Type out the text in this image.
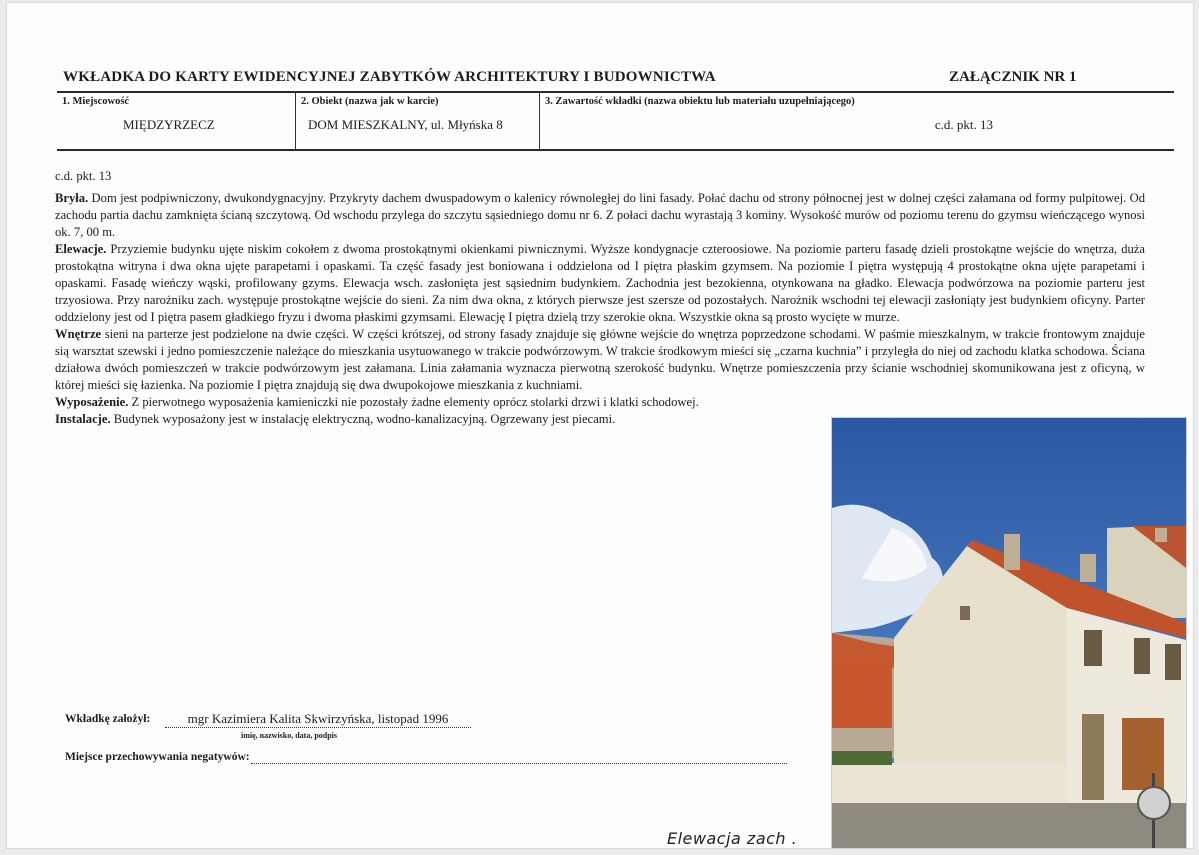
WKŁADKA DO KARTY EWIDENCYJNEJ ZABYTKÓW ARCHITEKTURY I BUDOWNICTWA	ZAŁĄCZNIK NR 1
1. Miejscowość
MIĘDZYRZECZ
2. Obiekt (nazwa jak w karcie)
DOM MIESZKALNY, ul. Młyńska 8
3. Zawartość wkładki (nazwa obiektu lub materiału uzupełniającego)
c.d. pkt. 13

c.d. pkt. 13

Bryła. Dom jest podpiwniczony, dwukondygnacyjny. Przykryty dachem dwuspadowym o kalenicy równoległej do lini fasady. Połać dachu od strony północnej jest w dolnej części załamana od formy pulpitowej. Od zachodu partia dachu zamknięta ścianą szczytową. Od wschodu przylega do szczytu sąsiedniego domu nr 6. Z połaci dachu wyrastają 3 kominy. Wysokość murów od poziomu terenu do gzymsu wieńczącego wynosi ok. 7, 00 m.

Elewacje. Przyziemie budynku ujęte niskim cokołem z dwoma prostokątnymi okienkami piwnicznymi. Wyższe kondygnacje czteroosiowe. Na poziomie parteru fasadę dzieli prostokątne wejście do wnętrza, duża prostokątna witryna i dwa okna ujęte parapetami i opaskami. Ta część fasady jest boniowana i oddzielona od I piętra płaskim gzymsem. Na poziomie I piętra występują 4 prostokątne okna ujęte parapetami i opaskami. Fasadę wieńczy wąski, profilowany gzyms. Elewacja wsch. zasłonięta jest sąsiednim budynkiem. Zachodnia jest bezokienna, otynkowana na gładko. Elewacja podwórzowa na poziomie parteru jest trzyosiowa. Przy narożniku zach. występuje prostokątne wejście do sieni. Za nim dwa okna, z których pierwsze jest szersze od pozostałych. Narożnik wschodni tej elewacji zasłoniąty jest budynkiem oficyny. Parter oddzielony jest od I piętra pasem gładkiego fryzu i dwoma płaskimi gzymsami. Elewację I piętra dzielą trzy szerokie okna. Wszystkie okna są prosto wycięte w murze.

Wnętrze sieni na parterze jest podzielone na dwie części. W części krótszej, od strony fasady znajduje się główne wejście do wnętrza poprzedzone schodami. W paśmie mieszkalnym, w trakcie frontowym znajduje sią warsztat szewski i jedno pomieszczenie należące do mieszkania usytuowanego w trakcie podwórzowym. W trakcie środkowym mieści się „czarna kuchnia” i przyległa do niej od zachodu klatka schodowa. Ściana działowa dwóch pomieszczeń w trakcie podwórzowym jest załamana. Linia załamania wyznacza pierwotną szerokość budynku. Wnętrze pomieszczenia przy ścianie wschodniej skomunikowana jest z oficyną, w której mieści się łazienka. Na poziomie I piętra znajdują się dwa dwupokojowe mieszkania z kuchniami.

Wyposażenie. Z pierwotnego wyposażenia kamieniczki nie pozostały żadne elementy oprócz stolarki drzwi i klatki schodowej.

Instalacje. Budynek wyposażony jest w instalację elektryczną, wodno-kanalizacyjną. Ogrzewany jest piecami.

Wkładkę założył:	mgr Kazimiera Kalita Skwirzyńska, listopad 1996
imię, nazwisko, data, podpis
Miejsce przechowywania negatywów:
Elewacja zach .
